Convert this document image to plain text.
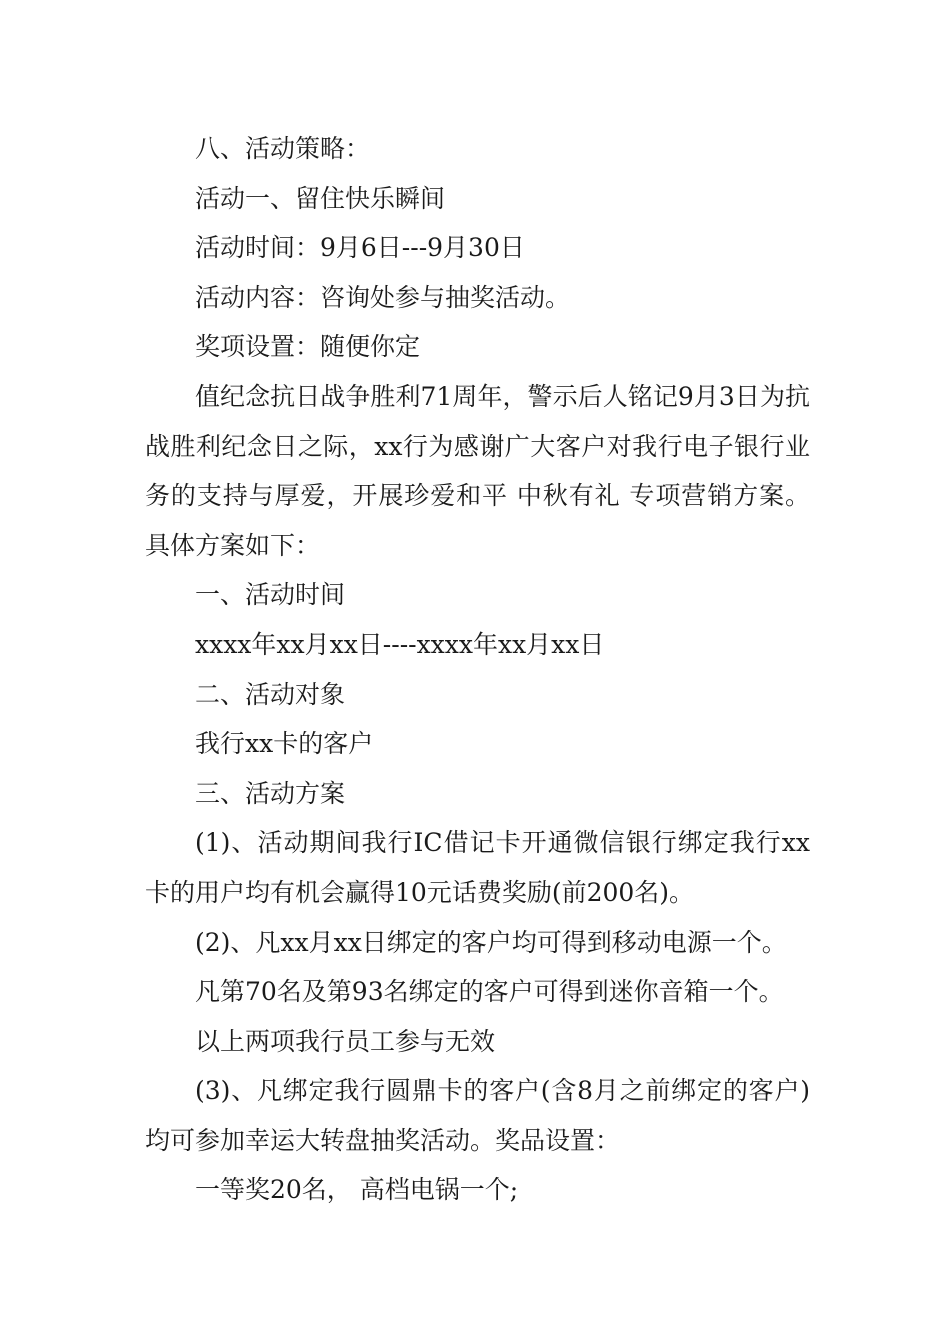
八、活动策略：

活动一、留住快乐瞬间

活动时间：9月6日---9月30日

活动内容：咨询处参与抽奖活动。

奖项设置：随便你定

值纪念抗日战争胜利71周年，警示后人铭记9月3日为抗战胜利纪念日之际，xx行为感谢广大客户对我行电子银行业务的支持与厚爱，开展珍爱和平 中秋有礼 专项营销方案。 具体方案如下：

一、活动时间

xxxx年xx月xx日----xxxx年xx月xx日

二、活动对象

我行xx卡的客户

三、活动方案

(1)、活动期间我行IC借记卡开通微信银行绑定我行xx卡的用户均有机会赢得10元话费奖励(前200名)。

(2)、凡xx月xx日绑定的客户均可得到移动电源一个。

凡第70名及第93名绑定的客户可得到迷你音箱一个。

以上两项我行员工参与无效

(3)、凡绑定我行圆鼎卡的客户(含8月之前绑定的客户)均可参加幸运大转盘抽奖活动。奖品设置：

一等奖20名， 高档电锅一个;
